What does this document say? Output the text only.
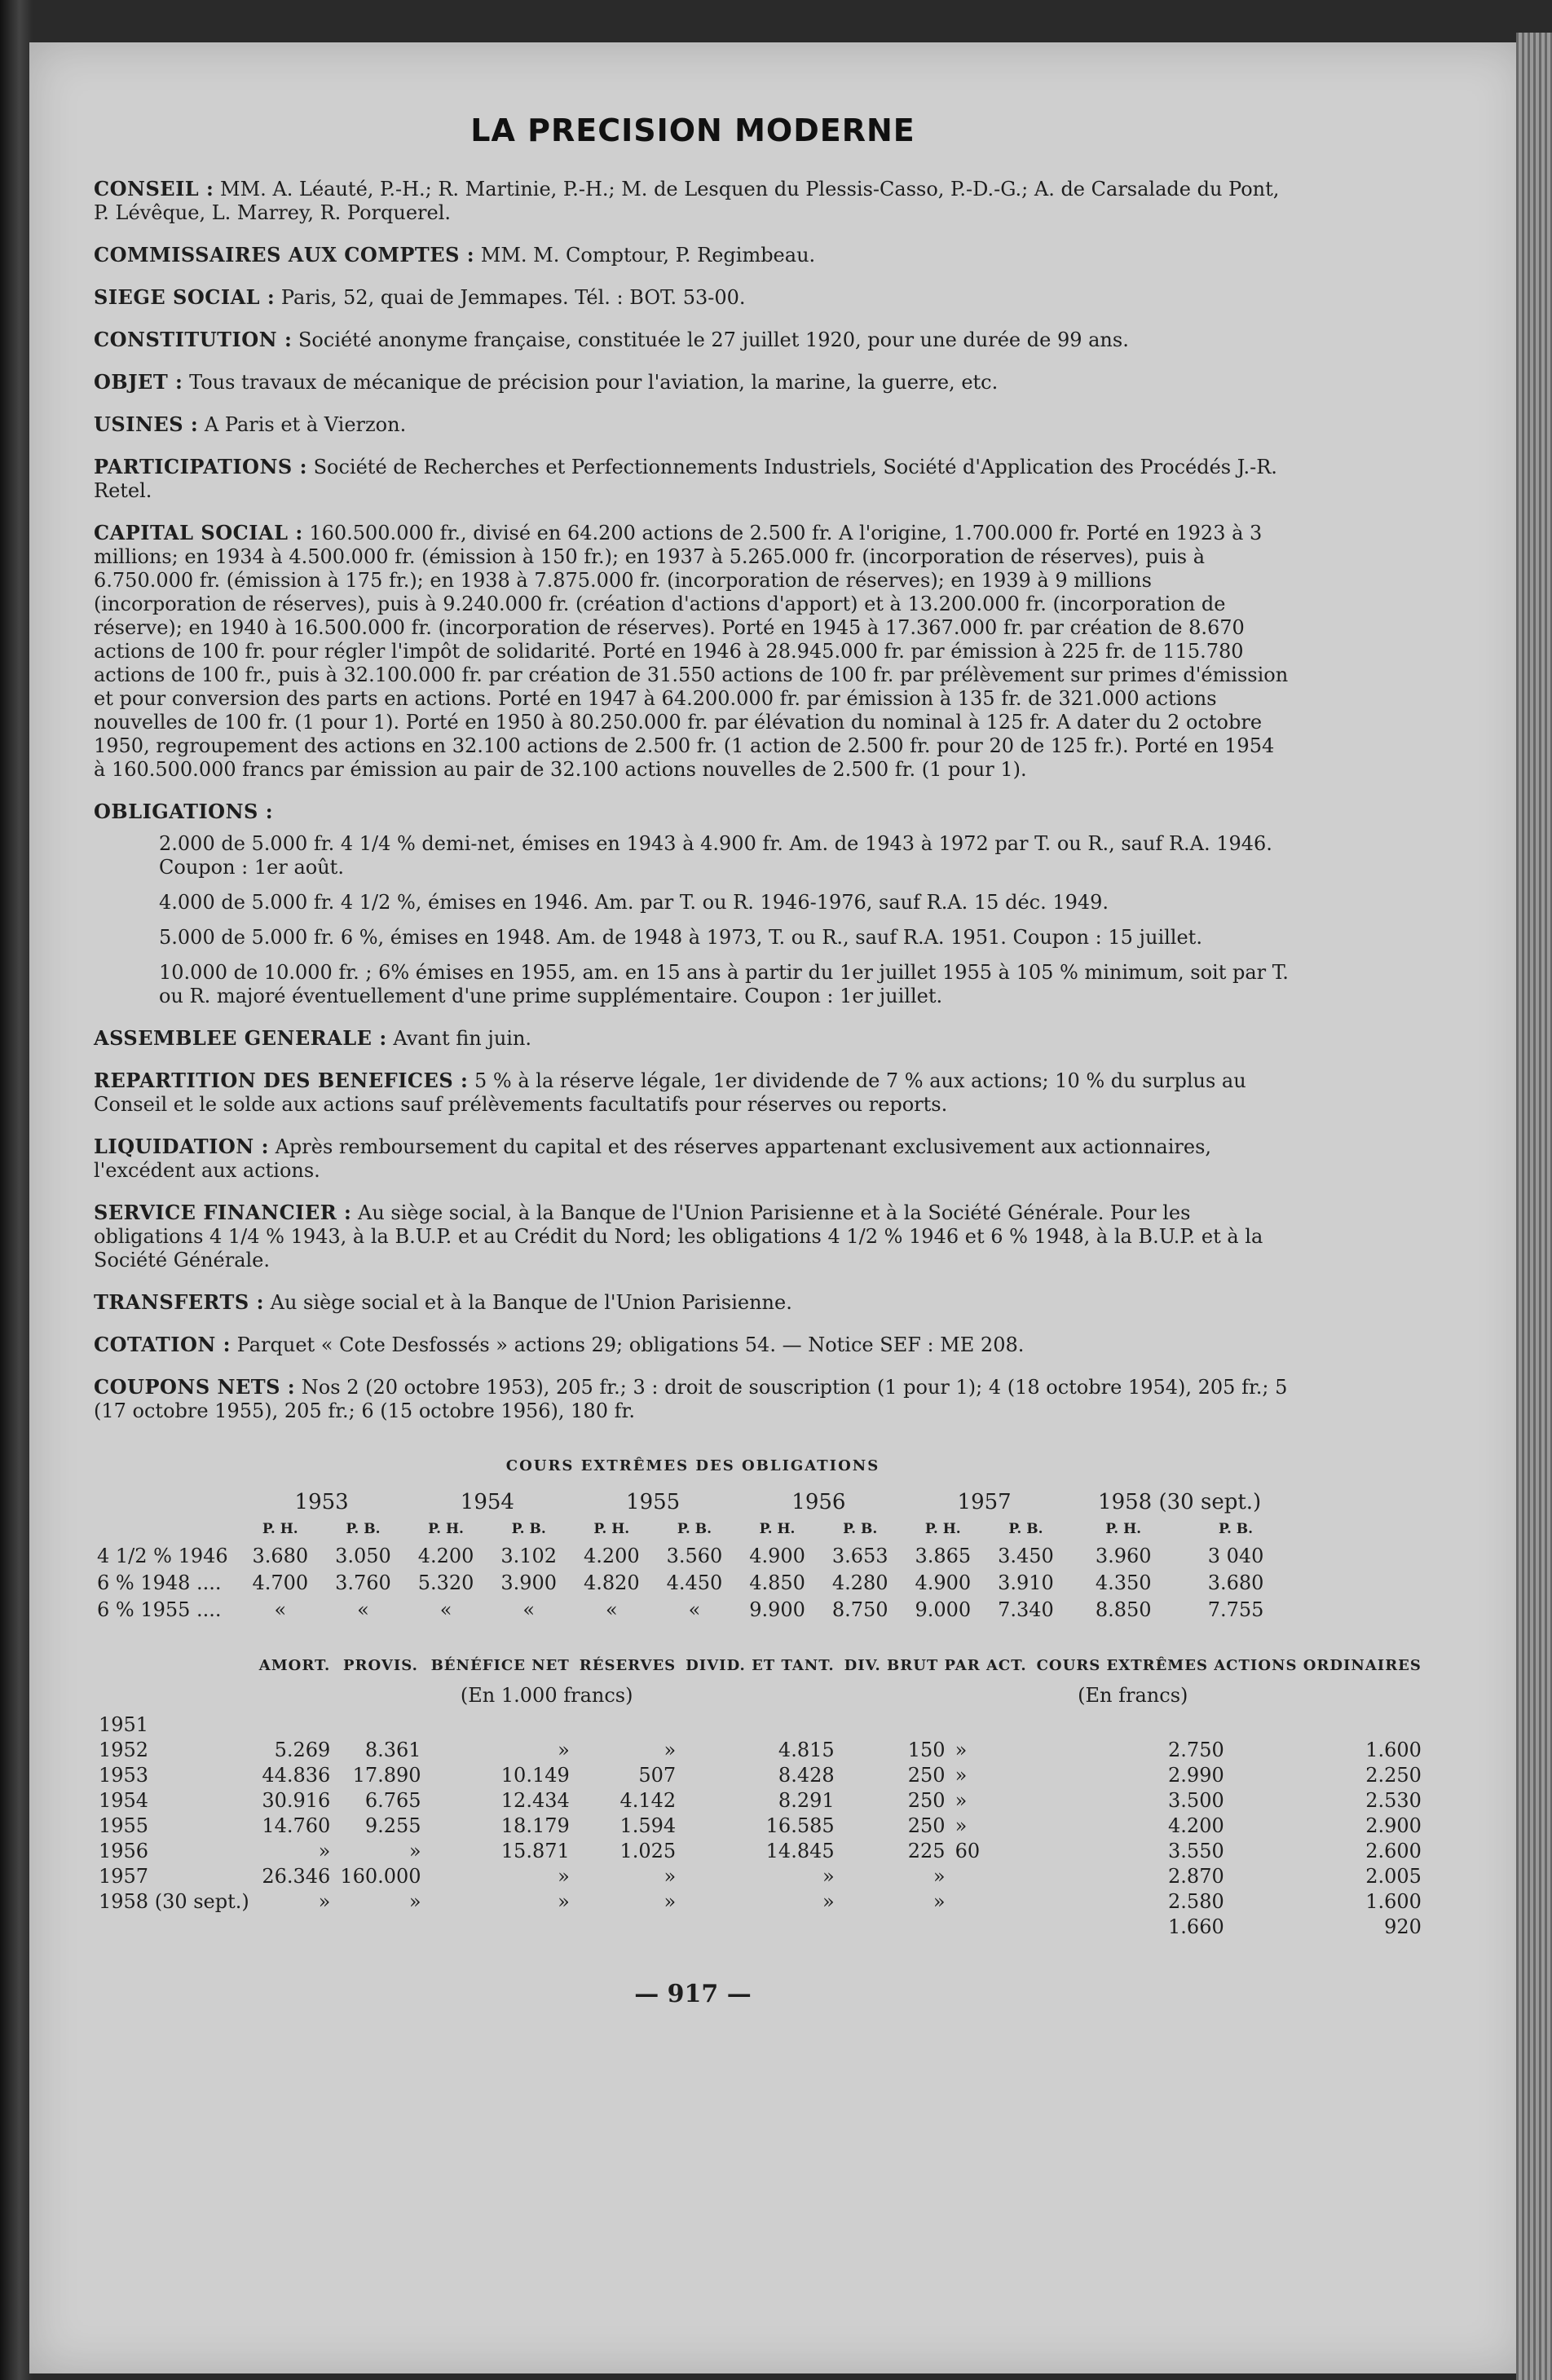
LA PRECISION MODERNE
CONSEIL : MM. A. Léauté, P.-H.; R. Martinie, P.-H.; M. de Lesquen du Plessis-Casso, P.-D.-G.; A. de Carsalade du Pont, P. Lévêque, L. Marrey, R. Porquerel.
COMMISSAIRES AUX COMPTES : MM. M. Comptour, P. Regimbeau.
SIEGE SOCIAL : Paris, 52, quai de Jemmapes. Tél. : BOT. 53-00.
CONSTITUTION : Société anonyme française, constituée le 27 juillet 1920, pour une durée de 99 ans.
OBJET : Tous travaux de mécanique de précision pour l'aviation, la marine, la guerre, etc.
USINES : A Paris et à Vierzon.
PARTICIPATIONS : Société de Recherches et Perfectionnements Industriels, Société d'Application des Procédés J.-R. Retel.
CAPITAL SOCIAL : 160.500.000 fr., divisé en 64.200 actions de 2.500 fr. A l'origine, 1.700.000 fr. Porté en 1923 à 3 millions; en 1934 à 4.500.000 fr. (émission à 150 fr.); en 1937 à 5.265.000 fr. (incorporation de réserves), puis à 6.750.000 fr. (émission à 175 fr.); en 1938 à 7.875.000 fr. (incorporation de réserves); en 1939 à 9 millions (incorporation de réserves), puis à 9.240.000 fr. (création d'actions d'apport) et à 13.200.000 fr. (incorporation de réserve); en 1940 à 16.500.000 fr. (incorporation de réserves). Porté en 1945 à 17.367.000 fr. par création de 8.670 actions de 100 fr. pour régler l'impôt de solidarité. Porté en 1946 à 28.945.000 fr. par émission à 225 fr. de 115.780 actions de 100 fr., puis à 32.100.000 fr. par création de 31.550 actions de 100 fr. par prélèvement sur primes d'émission et pour conversion des parts en actions. Porté en 1947 à 64.200.000 fr. par émission à 135 fr. de 321.000 actions nouvelles de 100 fr. (1 pour 1). Porté en 1950 à 80.250.000 fr. par élévation du nominal à 125 fr. A dater du 2 octobre 1950, regroupement des actions en 32.100 actions de 2.500 fr. (1 action de 2.500 fr. pour 20 de 125 fr.). Porté en 1954 à 160.500.000 francs par émission au pair de 32.100 actions nouvelles de 2.500 fr. (1 pour 1).
OBLIGATIONS :
2.000 de 5.000 fr. 4 1/4 % demi-net, émises en 1943 à 4.900 fr. Am. de 1943 à 1972 par T. ou R., sauf R.A. 1946. Coupon : 1er août.
4.000 de 5.000 fr. 4 1/2 %, émises en 1946. Am. par T. ou R. 1946-1976, sauf R.A. 15 déc. 1949.
5.000 de 5.000 fr. 6 %, émises en 1948. Am. de 1948 à 1973, T. ou R., sauf R.A. 1951. Coupon : 15 juillet.
10.000 de 10.000 fr. ; 6% émises en 1955, am. en 15 ans à partir du 1er juillet 1955 à 105 % minimum, soit par T. ou R. majoré éventuellement d'une prime supplémentaire. Coupon : 1er juillet.
ASSEMBLEE GENERALE : Avant fin juin.
REPARTITION DES BENEFICES : 5 % à la réserve légale, 1er dividende de 7 % aux actions; 10 % du surplus au Conseil et le solde aux actions sauf prélèvements facultatifs pour réserves ou reports.
LIQUIDATION : Après remboursement du capital et des réserves appartenant exclusivement aux actionnaires, l'excédent aux actions.
SERVICE FINANCIER : Au siège social, à la Banque de l'Union Parisienne et à la Société Générale. Pour les obligations 4 1/4 % 1943, à la B.U.P. et au Crédit du Nord; les obligations 4 1/2 % 1946 et 6 % 1948, à la B.U.P. et à la Société Générale.
TRANSFERTS : Au siège social et à la Banque de l'Union Parisienne.
COTATION : Parquet « Cote Desfossés » actions 29; obligations 54. — Notice SEF : ME 208.
COUPONS NETS : Nos 2 (20 octobre 1953), 205 fr.; 3 : droit de souscription (1 pour 1); 4 (18 octobre 1954), 205 fr.; 5 (17 octobre 1955), 205 fr.; 6 (15 octobre 1956), 180 fr.
COURS EXTRÊMES DES OBLIGATIONS
	1953		1954		1955		1956		1957		1958 (30 sept.)	
	P. H.	P. B.	P. H.	P. B.	P. H.	P. B.	P. H.	P. B.	P. H.	P. B.	P. H.	P. B.
4 1/2 % 1946	3.680	3.050	4.200	3.102	4.200	3.560	4.900	3.653	3.865	3.450	3.960	3 040
6 % 1948 ....	4.700	3.760	5.320	3.900	4.820	4.450	4.850	4.280	4.900	3.910	4.350	3.680
6 % 1955 ....	«	«	«	«	«	«	9.900	8.750	9.000	7.340	8.850	7.755
	AMORT.	PROVIS.	BÉNÉFICE NET	RÉSERVES	DIVID. ET TANT.	DIV. BRUT PAR ACT.		COURS EXTRÊMES ACTIONS ORDINAIRES	
	(En 1.000 francs)					(En francs)			
1951									
1952	5.269	8.361	»	»	4.815	150	»	2.750	1.600
1953	44.836	17.890	10.149	507	8.428	250	»	2.990	2.250
1954	30.916	6.765	12.434	4.142	8.291	250	»	3.500	2.530
1955	14.760	9.255	18.179	1.594	16.585	250	»	4.200	2.900
1956	»	»	15.871	1.025	14.845	225	60	3.550	2.600
1957	26.346	160.000	»	»	»	»		2.870	2.005
1958 (30 sept.)	»	»	»	»	»	»		2.580	1.600
								1.660	920
— 917 —
